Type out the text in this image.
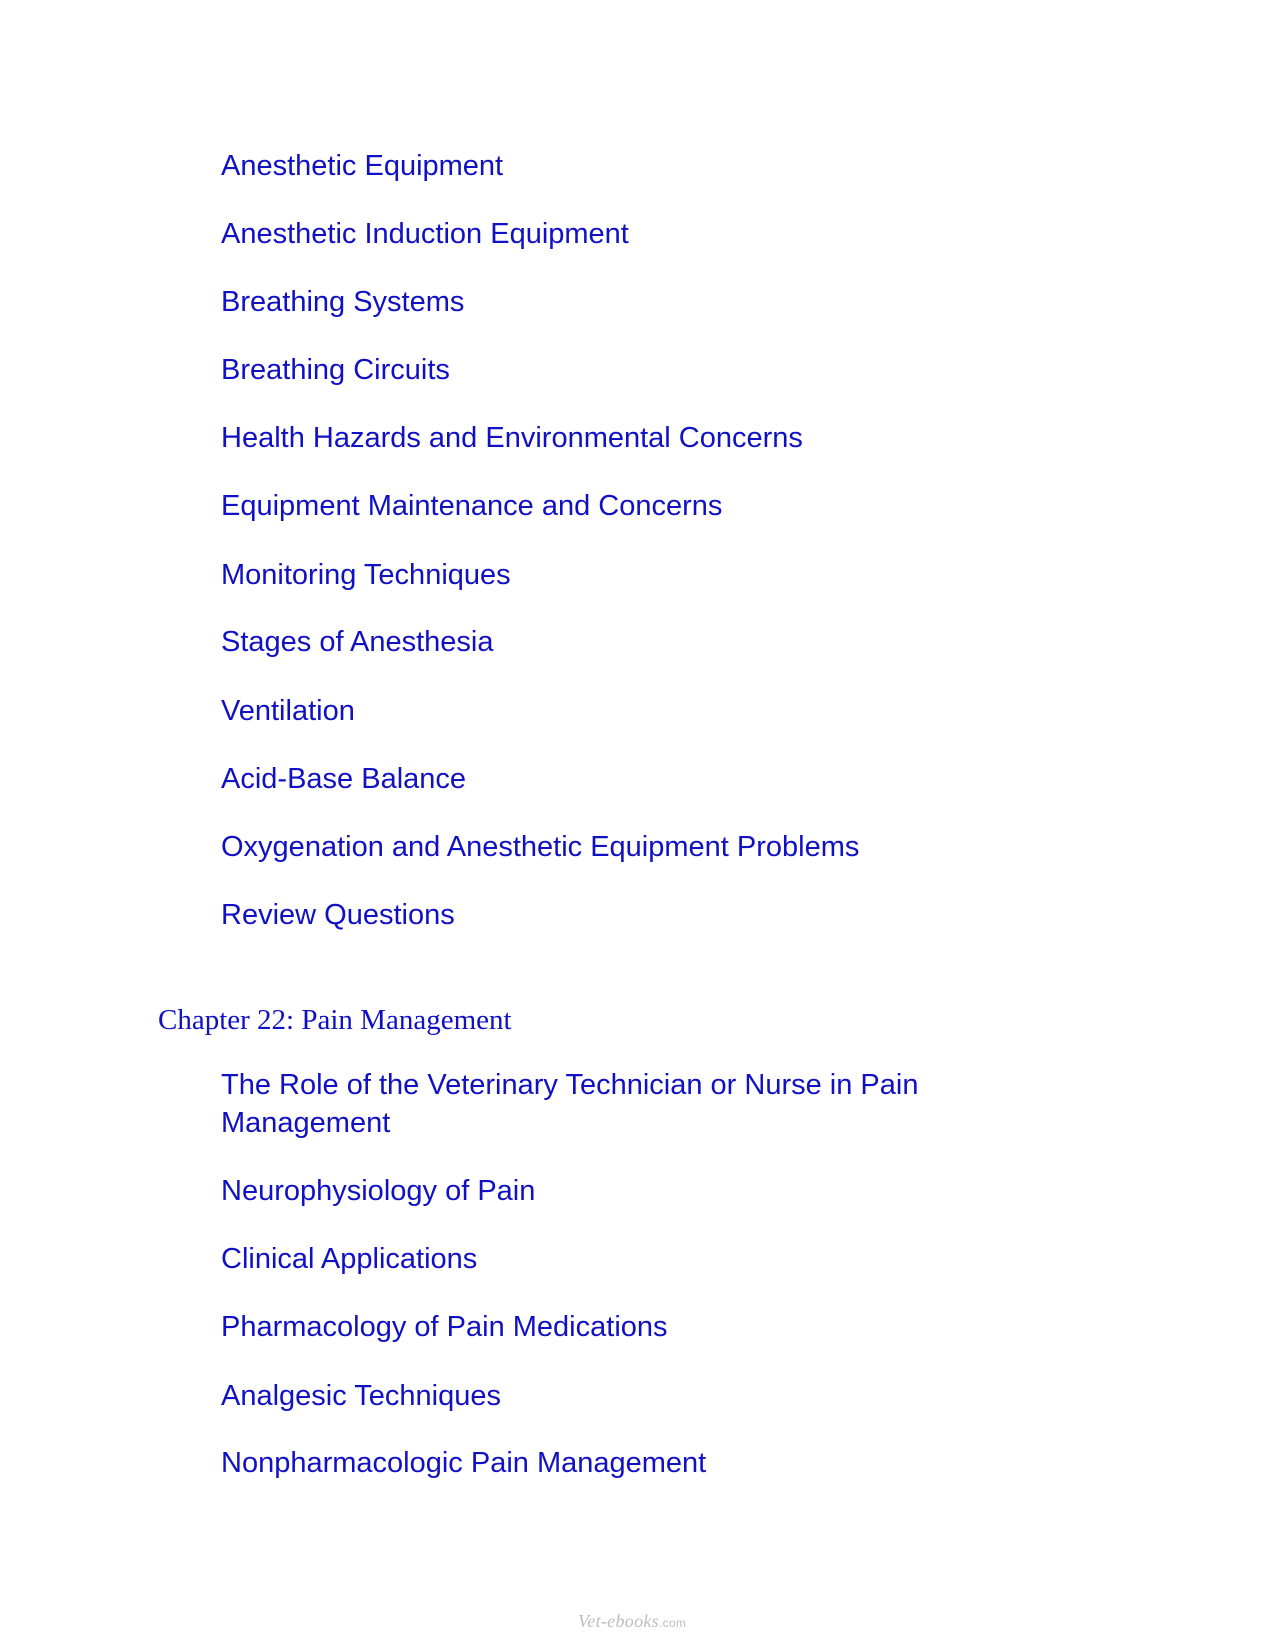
Anesthetic Equipment
Anesthetic Induction Equipment
Breathing Systems
Breathing Circuits
Health Hazards and Environmental Concerns
Equipment Maintenance and Concerns
Monitoring Techniques
Stages of Anesthesia
Ventilation
Acid-Base Balance
Oxygenation and Anesthetic Equipment Problems
Review Questions
Chapter 22: Pain Management
The Role of the Veterinary Technician or Nurse in Pain Management
Neurophysiology of Pain
Clinical Applications
Pharmacology of Pain Medications
Analgesic Techniques
Nonpharmacologic Pain Management
Vet-ebooks.com
